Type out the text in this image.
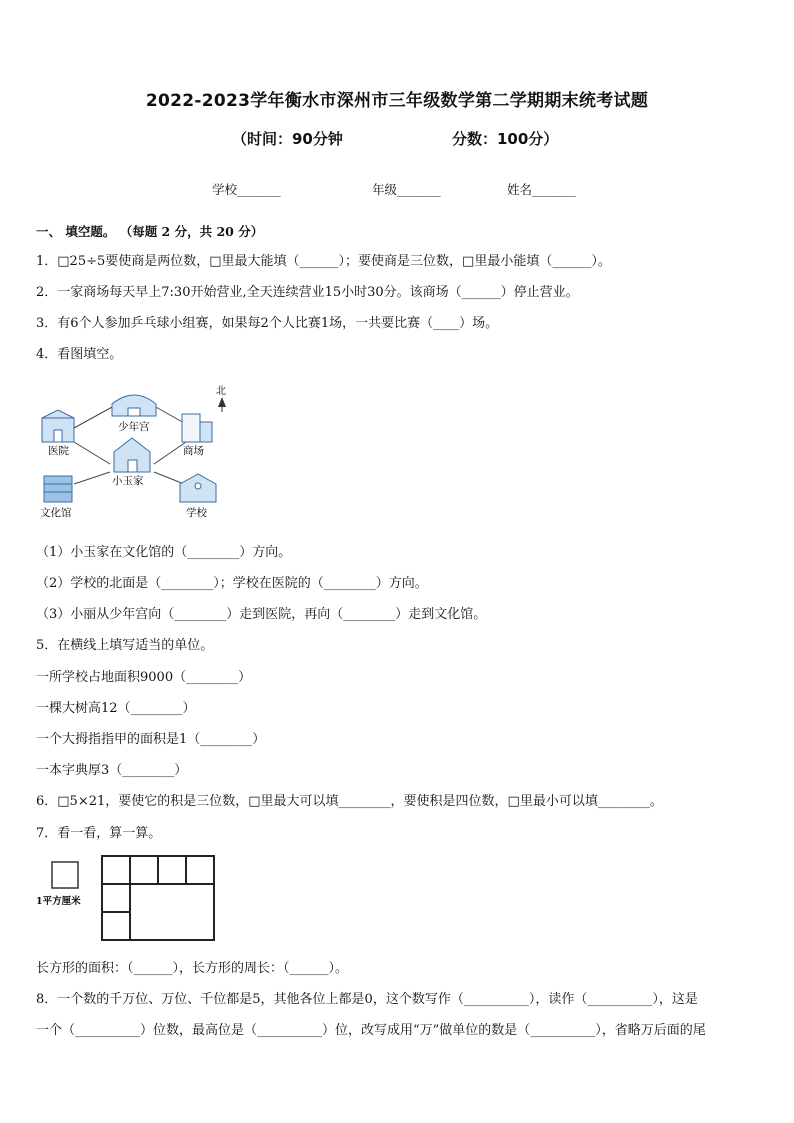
2022-2023学年衡水市深州市三年级数学第二学期期末统考试题
（时间：90分钟	分数：100分）
学校_______	年级_______	姓名_______
一、 填空题。 （每题 2 分，共 20 分）
1．□25÷5要使商是两位数，□里最大能填（______）；要使商是三位数，□里最小能填（______）。
2．一家商场每天早上7:30开始营业,全天连续营业15小时30分。该商场（______）停止营业。
3．有6个人参加乒乓球小组赛，如果每2个人比赛1场，一共要比赛（____）场。
4．看图填空。
北
少年宫
医院	商场
小玉家
文化馆	学校
（1）小玉家在文化馆的（________）方向。
（2）学校的北面是（________）；学校在医院的（________）方向。
（3）小丽从少年宫向（________）走到医院，再向（________）走到文化馆。
5．在横线上填写适当的单位。
一所学校占地面积9000（________）
一棵大树高12（________）
一个大拇指指甲的面积是1（________）
一本字典厚3（________）
6．□5×21，要使它的积是三位数，□里最大可以填________，要使积是四位数，□里最小可以填________。
7．看一看，算一算。
1平方厘米
长方形的面积：（______），长方形的周长：（______）。
8．一个数的千万位、万位、千位都是5，其他各位上都是0，这个数写作（__________），读作（__________），这是
一个（__________）位数，最高位是（__________）位，改写成用“万”做单位的数是（__________），省略万后面的尾
